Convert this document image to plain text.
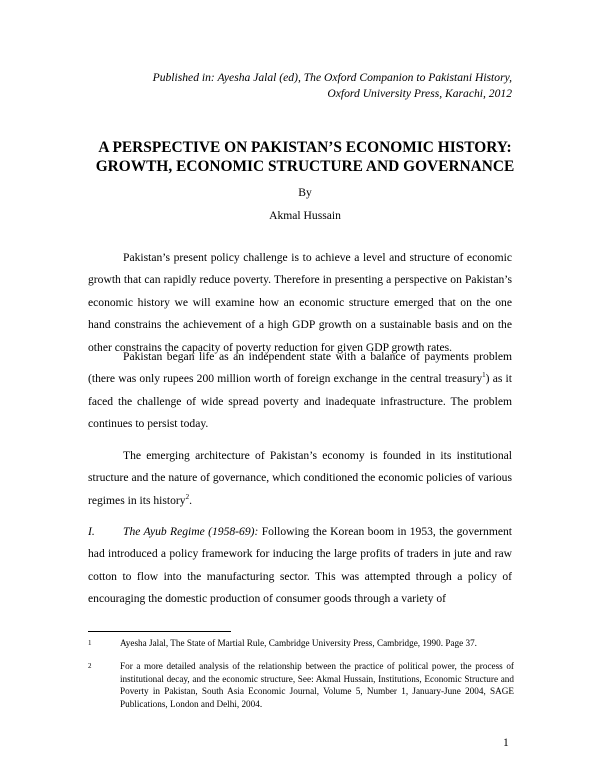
Published in: Ayesha Jalal (ed), The Oxford Companion to Pakistani History,
Oxford University Press, Karachi, 2012
A PERSPECTIVE ON PAKISTAN’S ECONOMIC HISTORY:
GROWTH, ECONOMIC STRUCTURE AND GOVERNANCE
By
Akmal Hussain

Pakistan’s present policy challenge is to achieve a level and structure of economic growth that can rapidly reduce poverty. Therefore in presenting a perspective on Pakistan’s economic history we will examine how an economic structure emerged that on the one hand constrains the achievement of a high GDP growth on a sustainable basis and on the other constrains the capacity of poverty reduction for given GDP growth rates.

Pakistan began life as an independent state with a balance of payments problem (there was only rupees 200 million worth of foreign exchange in the central treasury$^1$) as it faced the challenge of wide spread poverty and inadequate infrastructure. The problem continues to persist today.

The emerging architecture of Pakistan’s economy is founded in its institutional structure and the nature of governance, which conditioned the economic policies of various regimes in its history$^2$.

I. The Ayub Regime (1958-69): Following the Korean boom in 1953, the government had introduced a policy framework for inducing the large profits of traders in jute and raw cotton to flow into the manufacturing sector. This was attempted through a policy of encouraging the domestic production of consumer goods through a variety of

1	Ayesha Jalal, The State of Martial Rule, Cambridge University Press, Cambridge, 1990. Page 37.
2	For a more detailed analysis of the relationship between the practice of political power, the process of institutional decay, and the economic structure, See: Akmal Hussain, Institutions, Economic Structure and Poverty in Pakistan, South Asia Economic Journal, Volume 5, Number 1, January-June 2004, SAGE Publications, London and Delhi, 2004.
1
